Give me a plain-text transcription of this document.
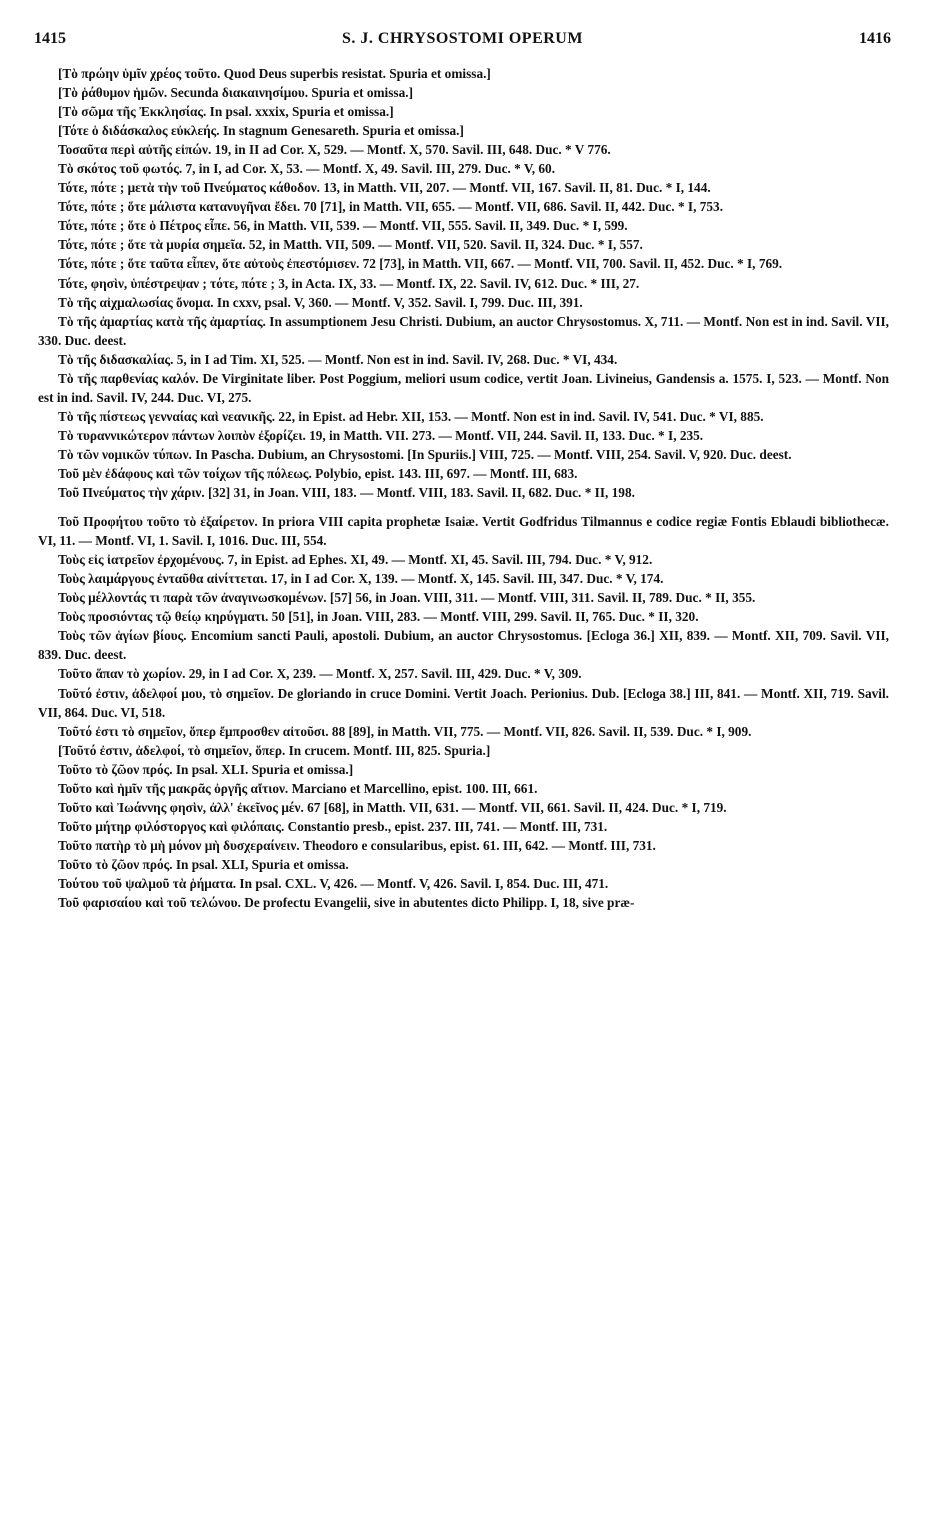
1415	S. J. CHRYSOSTOMI OPERUM	1416

[Τὸ πρώην ὑμῖν χρέος τοῦτο. Quod Deus superbis resistat. Spuria et omissa.]

[Τὸ ῥάθυμον ἡμῶν. Secunda διακαινησίμου. Spuria et omissa.]

[Τὸ σῶμα τῆς Ἐκκλησίας. In psal. xxxix, Spuria et omissa.]

[Τότε ὁ διδάσκαλος εὐκλεής. In stagnum Genesareth. Spuria et omissa.]

Τοσαῦτα περὶ αὐτῆς εἰπών. 19, in II ad Cor. X, 529. — Montf. X, 570. Savil. III, 648. Duc. * V 776.

Τὸ σκότος τοῦ φωτός. 7, in I, ad Cor. X, 53. — Montf. X, 49. Savil. III, 279. Duc. * V, 60.

Τότε, πότε ; μετὰ τὴν τοῦ Πνεύματος κάθοδον. 13, in Matth. VII, 207. — Montf. VII, 167. Savil. II, 81. Duc. * I, 144.

Τότε, πότε ; ὅτε μάλιστα κατανυγῆναι ἔδει. 70 [71], in Matth. VII, 655. — Montf. VII, 686. Savil. II, 442. Duc. * I, 753.

Τότε, πότε ; ὅτε ὁ Πέτρος εἶπε. 56, in Matth. VII, 539. — Montf. VII, 555. Savil. II, 349. Duc. * I, 599.

Τότε, πότε ; ὅτε τὰ μυρία σημεῖα. 52, in Matth. VII, 509. — Montf. VII, 520. Savil. II, 324. Duc. * I, 557.

Τότε, πότε ; ὅτε ταῦτα εἶπεν, ὅτε αὐτοὺς ἐπεστόμισεν. 72 [73], in Matth. VII, 667. — Montf. VII, 700. Savil. II, 452. Duc. * I, 769.

Τότε, φησὶν, ὑπέστρεψαν ; τότε, πότε ; 3, in Acta. IX, 33. — Montf. IX, 22. Savil. IV, 612. Duc. * III, 27.

Τὸ τῆς αἰχμαλωσίας ὄνομα. In cxxv, psal. V, 360. — Montf. V, 352. Savil. I, 799. Duc. III, 391.

Τὸ τῆς ἁμαρτίας κατὰ τῆς ἁμαρτίας. In assumptionem Jesu Christi. Dubium, an auctor Chrysostomus. X, 711. — Montf. Non est in ind. Savil. VII, 330. Duc. deest.

Τὸ τῆς διδασκαλίας. 5, in I ad Tim. XI, 525. — Montf. Non est in ind. Savil. IV, 268. Duc. * VI, 434.

Τὸ τῆς παρθενίας καλόν. De Virginitate liber. Post Poggium, meliori usum codice, vertit Joan. Livineius, Gandensis a. 1575. I, 523. — Montf. Non est in ind. Savil. IV, 244. Duc. VI, 275.

Τὸ τῆς πίστεως γενναίας καὶ νεανικῆς. 22, in Epist. ad Hebr. XII, 153. — Montf. Non est in ind. Savil. IV, 541. Duc. * VI, 885.

Τὸ τυραννικώτερον πάντων λοιπὸν ἐξορίζει. 19, in Matth. VII. 273. — Montf. VII, 244. Savil. II, 133. Duc. * I, 235.

Τὸ τῶν νομικῶν τύπων. In Pascha. Dubium, an Chrysostomi. [In Spuriis.] VIII, 725. — Montf. VIII, 254. Savil. V, 920. Duc. deest.

Τοῦ μὲν ἐδάφους καὶ τῶν τοίχων τῆς πόλεως. Polybio, epist. 143. III, 697. — Montf. III, 683.

Τοῦ Πνεύματος τὴν χάριν. [32] 31, in Joan. VIII, 183. — Montf. VIII, 183. Savil. II, 682. Duc. * II, 198.

Τοῦ Προφήτου τοῦτο τὸ ἐξαίρετον. In priora VIII capita prophetæ Isaiæ. Vertit Godfridus Tilmannus e codice regiæ Fontis Eblaudi bibliothecæ. VI, 11. — Montf. VI, 1. Savil. I, 1016. Duc. III, 554.

Τοὺς εἰς ἰατρεῖον ἐρχομένους. 7, in Epist. ad Ephes. XI, 49. — Montf. XI, 45. Savil. III, 794. Duc. * V, 912.

Τοὺς λαιμάργους ἐνταῦθα αἰνίττεται. 17, in I ad Cor. X, 139. — Montf. X, 145. Savil. III, 347. Duc. * V, 174.

Τοὺς μέλλοντάς τι παρὰ τῶν ἀναγινωσκομένων. [57] 56, in Joan. VIII, 311. — Montf. VIII, 311. Savil. II, 789. Duc. * II, 355.

Τοὺς προσιόντας τῷ θείῳ κηρύγματι. 50 [51], in Joan. VIII, 283. — Montf. VIII, 299. Savil. II, 765. Duc. * II, 320.

Τοὺς τῶν ἁγίων βίους. Encomium sancti Pauli, apostoli. Dubium, an auctor Chrysostomus. [Ecloga 36.] XII, 839. — Montf. XII, 709. Savil. VII, 839. Duc. deest.

Τοῦτο ἅπαν τὸ χωρίον. 29, in I ad Cor. X, 239. — Montf. X, 257. Savil. III, 429. Duc. * V, 309.

Τοῦτό ἐστιν, ἀδελφοί μου, τὸ σημεῖον. De gloriando in cruce Domini. Vertit Joach. Perionius. Dub. [Ecloga 38.] III, 841. — Montf. XII, 719. Savil. VII, 864. Duc. VI, 518.

Τοῦτό ἐστι τὸ σημεῖον, ὅπερ ἔμπροσθεν αἰτοῦσι. 88 [89], in Matth. VII, 775. — Montf. VII, 826. Savil. II, 539. Duc. * I, 909.

[Τοῦτό ἐστιν, ἀδελφοί, τὸ σημεῖον, ὅπερ. In crucem. Montf. III, 825. Spuria.]

Τοῦτο τὸ ζῶον πρός. In psal. XLI. Spuria et omissa.]

Τοῦτο καὶ ἡμῖν τῆς μακρᾶς ὀργῆς αἴτιον. Marciano et Marcellino, epist. 100. III, 661.

Τοῦτο καὶ Ἰωάννης φησὶν, ἀλλ' ἐκεῖνος μέν. 67 [68], in Matth. VII, 631. — Montf. VII, 661. Savil. II, 424. Duc. * I, 719.

Τοῦτο μήτηρ φιλόστοργος καὶ φιλόπαις. Constantio presb., epist. 237. III, 741. — Montf. III, 731.

Τοῦτο πατὴρ τὸ μὴ μόνον μὴ δυσχεραίνειν. Theodoro e consularibus, epist. 61. III, 642. — Montf. III, 731.

Τοῦτο τὸ ζῶον πρός. In psal. XLI, Spuria et omissa.

Τούτου τοῦ ψαλμοῦ τὰ ῥήματα. In psal. CXL. V, 426. — Montf. V, 426. Savil. I, 854. Duc. III, 471.

Τοῦ φαρισαίου καὶ τοῦ τελώνου. De profectu Evangelii, sive in abutentes dicto Philipp. I, 18, sive præ-
